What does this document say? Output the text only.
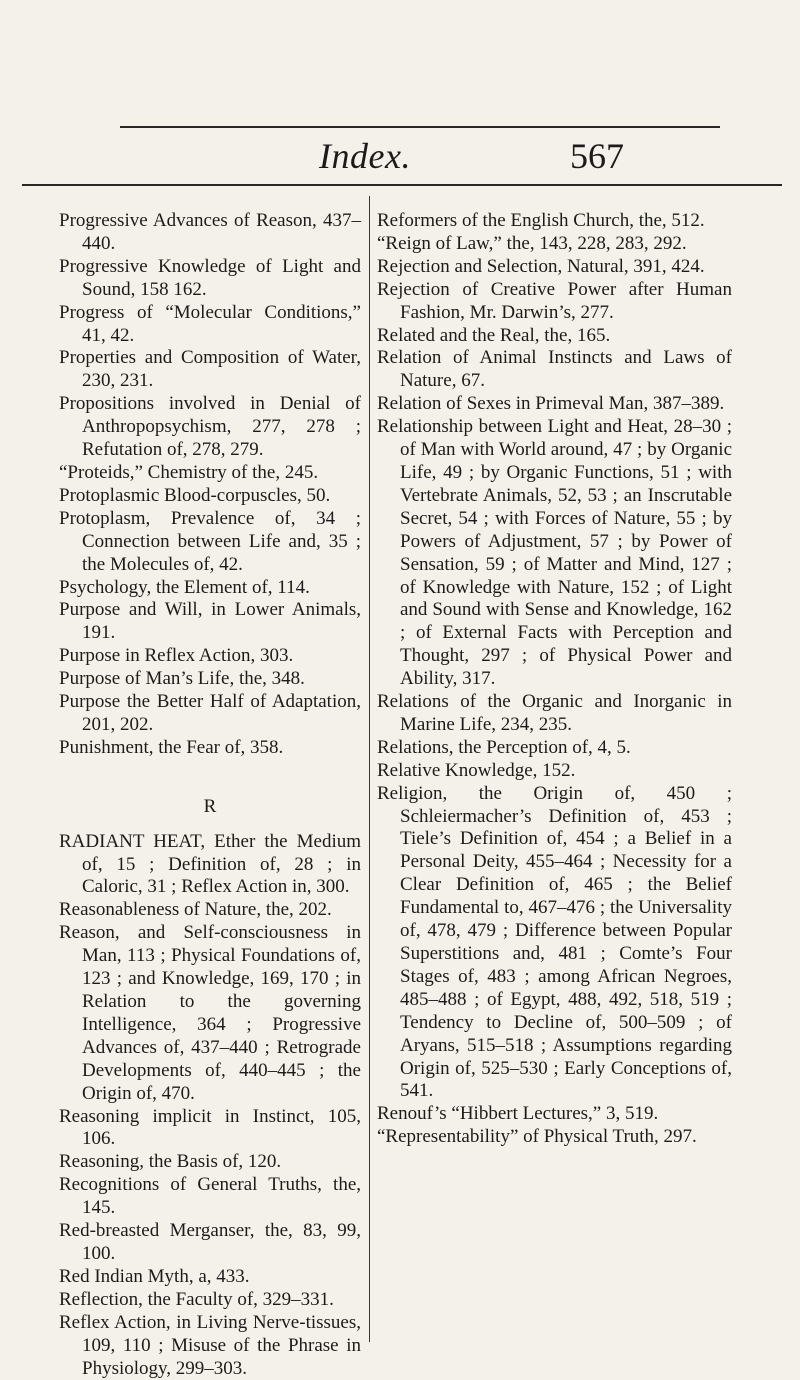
Index.	567

Progressive Advances of Reason, 437–440.

Progressive Knowledge of Light and Sound, 158 162.

Progress of “Molecular Conditions,” 41, 42.

Properties and Composition of Water, 230, 231.

Propositions involved in Denial of Anthropopsychism, 277, 278 ; Refutation of, 278, 279.

“Proteids,” Chemistry of the, 245.

Protoplasmic Blood-corpuscles, 50.

Protoplasm, Prevalence of, 34 ; Connection between Life and, 35 ; the Molecules of, 42.

Psychology, the Element of, 114.

Purpose and Will, in Lower Animals, 191.

Purpose in Reflex Action, 303.

Purpose of Man’s Life, the, 348.

Purpose the Better Half of Adaptation, 201, 202.

Punishment, the Fear of, 358.

R

RADIANT HEAT, Ether the Medium of, 15 ; Definition of, 28 ; in Caloric, 31 ; Reflex Action in, 300.

Reasonableness of Nature, the, 202.

Reason, and Self-consciousness in Man, 113 ; Physical Foundations of, 123 ; and Knowledge, 169, 170 ; in Relation to the governing Intelligence, 364 ; Progressive Advances of, 437–440 ; Retrograde Developments of, 440–445 ; the Origin of, 470.

Reasoning implicit in Instinct, 105, 106.

Reasoning, the Basis of, 120.

Recognitions of General Truths, the, 145.

Red-breasted Merganser, the, 83, 99, 100.

Red Indian Myth, a, 433.

Reflection, the Faculty of, 329–331.

Reflex Action, in Living Nerve-tissues, 109, 110 ; Misuse of the Phrase in Physiology, 299–303.

Reformers of the English Church, the, 512.

“Reign of Law,” the, 143, 228, 283, 292.

Rejection and Selection, Natural, 391, 424.

Rejection of Creative Power after Human Fashion, Mr. Darwin’s, 277.

Related and the Real, the, 165.

Relation of Animal Instincts and Laws of Nature, 67.

Relation of Sexes in Primeval Man, 387–389.

Relationship between Light and Heat, 28–30 ; of Man with World around, 47 ; by Organic Life, 49 ; by Organic Functions, 51 ; with Vertebrate Animals, 52, 53 ; an Inscrutable Secret, 54 ; with Forces of Nature, 55 ; by Powers of Adjustment, 57 ; by Power of Sensation, 59 ; of Matter and Mind, 127 ; of Knowledge with Nature, 152 ; of Light and Sound with Sense and Knowledge, 162 ; of External Facts with Perception and Thought, 297 ; of Physical Power and Ability, 317.

Relations of the Organic and Inorganic in Marine Life, 234, 235.

Relations, the Perception of, 4, 5.

Relative Knowledge, 152.

Religion, the Origin of, 450 ; Schleiermacher’s Definition of, 453 ; Tiele’s Definition of, 454 ; a Belief in a Personal Deity, 455–464 ; Necessity for a Clear Definition of, 465 ; the Belief Fundamental to, 467–476 ; the Universality of, 478, 479 ; Difference between Popular Superstitions and, 481 ; Comte’s Four Stages of, 483 ; among African Negroes, 485–488 ; of Egypt, 488, 492, 518, 519 ; Tendency to Decline of, 500–509 ; of Aryans, 515–518 ; Assumptions regarding Origin of, 525–530 ; Early Conceptions of, 541.

Renouf’s “Hibbert Lectures,” 3, 519.

“Representability” of Physical Truth, 297.
